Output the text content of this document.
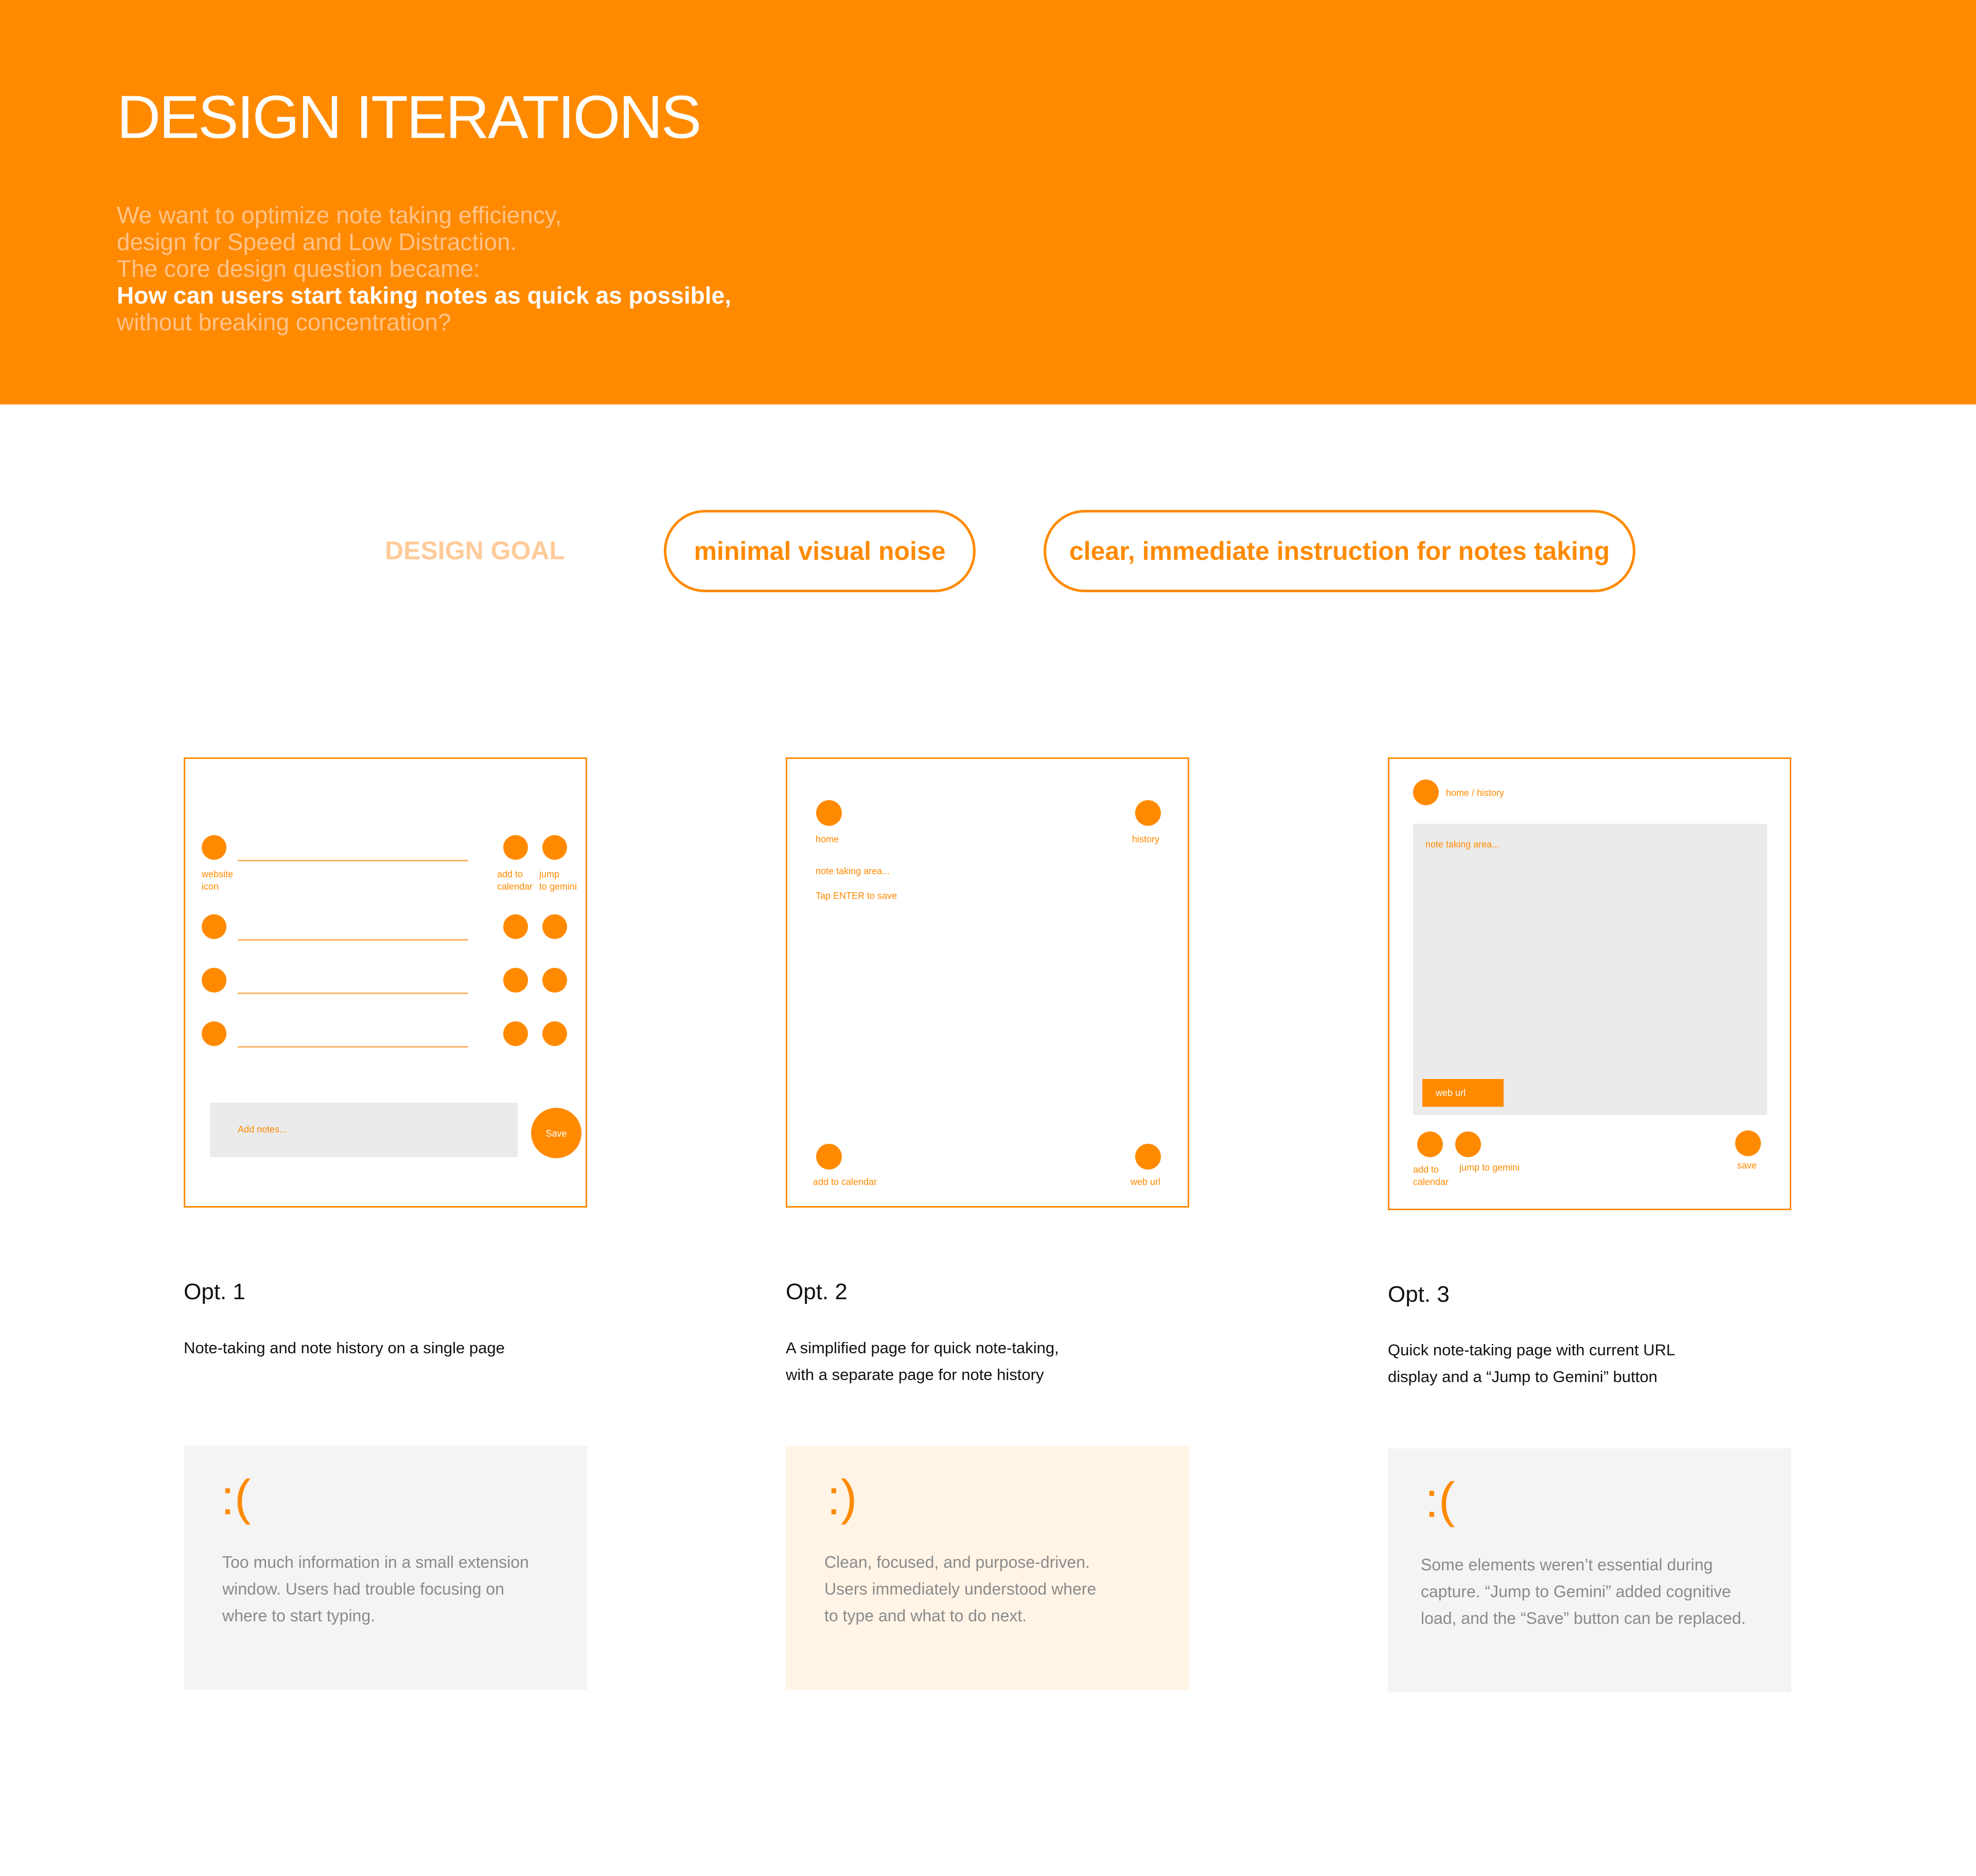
DESIGN ITERATIONS
We want to optimize note taking efficiency,
design for Speed and Low Distraction.
The core design question became:
How can users start taking notes as quick as possible,
without breaking concentration?
DESIGN GOAL	minimal visual noise	clear, immediate instruction for notes taking
website
icon
add to
calendar
jump
to gemini
Add notes...	Save
home	history
note taking area...
Tap ENTER to save
add to calendar	web url
home / history
note taking area...
web url
add to
calendar
jump to gemini	save
Opt. 1
Note-taking and note history on a single page
Opt. 2
A simplified page for quick note-taking,
with a separate page for note history
Opt. 3
Quick note-taking page with current URL
display and a “Jump to Gemini” button
:(
Too much information in a small extension
window. Users had trouble focusing on
where to start typing.
:)
Clean, focused, and purpose-driven.
Users immediately understood where
to type and what to do next.
:(
Some elements weren’t essential during
capture. “Jump to Gemini” added cognitive
load, and the “Save” button can be replaced.
